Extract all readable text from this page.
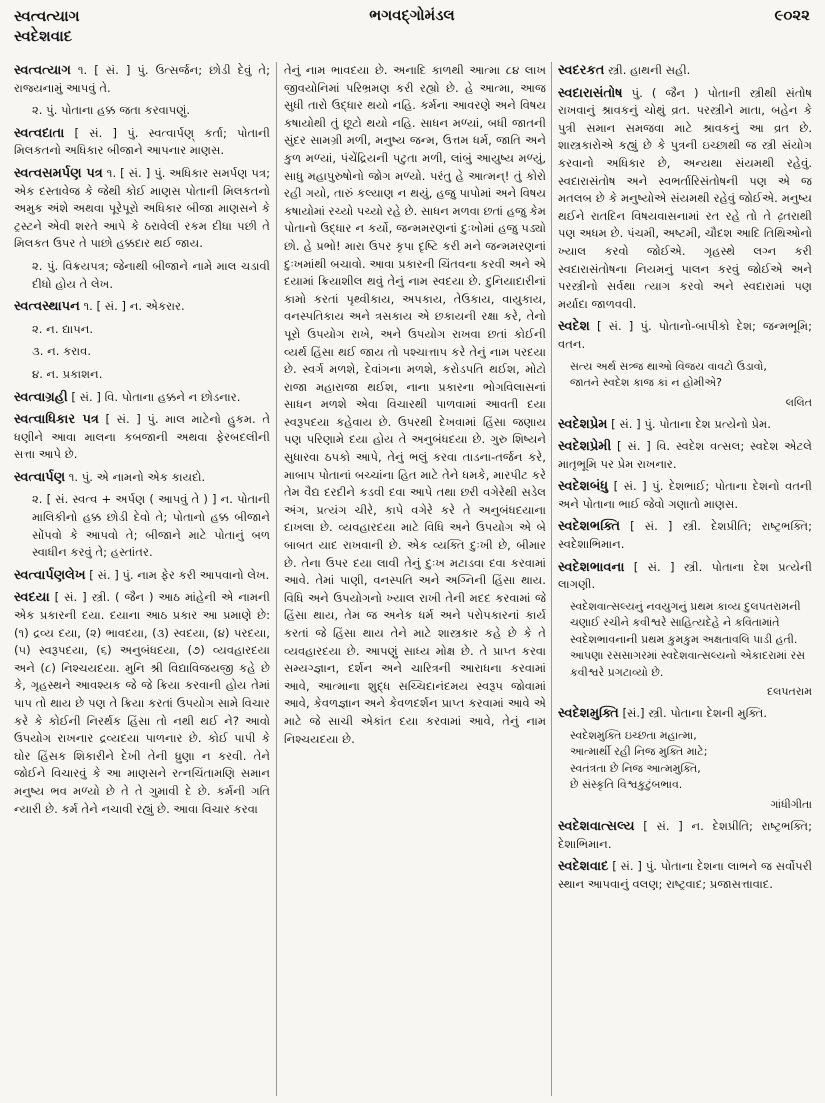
સ્વત્વત્યાગ
સ્વદેશવાદ
ભગવદ્ગોમંડલ	૯૦૨૨

સ્વત્વત્યાગ ૧. [ સં. ] પું. ઉત્સર્જન; છોડી દેવું તે; રાજ્યનામું આપવું તે.

૨. પું. પોતાના હક્ક જતા કરવાપણું.

સ્વત્વદાતા [ સં. ] પું. સ્વત્વાર્પણ્ કર્તા; પોતાની મિલકતનો અધિકાર બીજાને આપનાર માણસ.

સ્વત્વસમર્પણ પત્ર ૧. [ સં. ] પું. અધિકાર સમર્પણ પત્ર; એક દસ્તાવેજ કે જેથી કોઈ માણસ પોતાની મિલકતનો અમુક અંશે અથવા પૂરેપૂરો અધિકાર બીજા માણસને કે ટ્રસ્ટને એવી શરતે આપે કે ઠરાવેલી રકમ દીધા પછી તે મિલકત ઉપર તે પાછો હક્કદાર થઈ જાય.

૨. પું. વિક્રયપત્ર; જેનાથી બીજાને નામે માલ ચડાવી દીધો હોય તે લેખ.

સ્વત્વસ્થાપન ૧. [ સં. ] ન. એકરાર.

૨. ન. દ્યાપન.

૩. ન. કરાવ.

૪. ન. પ્રકાશન.

સ્વત્વાગ્રહી [ સં. ] વિ. પોતાના હક્કને ન છોડનાર.

સ્વત્વાધિકાર પત્ર [ સં. ] પું. માલ માટેનો હુકમ. તે ધણીને આવા માલના કબજાની અથવા ફેરબદલીની સત્તા આપે છે.

સ્વત્વાર્પણ ૧. પું. એ નામનો એક કાયદો.

૨. [ સં. સ્વત્વ + અર્પણ ( આપવું તે ) ] ન. પોતાની માલિકીનો હક્ક છોડી દેવો તે; પોતાનો હક્ક બીજાને સોંપવો કે આપવો તે; બીજાને માટે પોતાનું બળ સ્વાધીન કરવું તે; હસ્તાંતર.

સ્વત્વાર્પણલેખ [ સં. ] પું. નામ ફેર કરી આપવાનો લેખ.

સ્વદયા [ સં. ] સ્ત્રી. ( જૈન ) આઠ માંહેની એ નામની એક પ્રકારની દયા. દયાના આઠ પ્રકાર આ પ્રમાણે છે: (૧) દ્રવ્ય દયા, (૨) ભાવદયા, (૩) સ્વદયા, (૪) પરદયા, (૫) સ્વરૂપદયા, (૬) અનુબંધદયા, (૭) વ્યવહારદયા અને (૮) નિશ્ચયદયા. મુનિ શ્રી વિદ્યાવિજયજી કહે છે કે, ગૃહસ્થને આવશ્યક જે જે ક્રિયા કરવાની હોય તેમાં પાપ તો થાય છે પણ તે ક્રિયા કરતાં ઉપયોગ સામે વિચાર કરે કે કોઈની નિરર્થક હિંસા તો નથી થઈ ને? આવો ઉપયોગ રાખનાર દ્રવ્યદયા પાળનાર છે. કોઈ પાપી કે ઘોર હિંસક શિકારીને દેખી તેની ધ્રુણા ન કરવી. તેને જોઈને વિચારવું કે આ માણસને રત્નચિંતામણિ સમાન મનુષ્ય ભવ મળ્યો છે તે તે ગુમાવી દે છે. કર્મની ગતિ ન્યારી છે. કર્મ તેને નચાવી રહ્યું છે. આવા વિચાર કરવા

તેનું નામ ભાવદયા છે. અનાદિ કાળથી આત્મા ૮૪ લાખ જીવયોનિમાં પરિભ્રમણ કરી રહ્યો છે. હે આત્મા, આજ સુધી તારો ઉદ્ધાર થયો નહિ. કર્મના આવરણે અને વિષય કષાયોથી તું છૂટો થયો નહિ. સાધન મળ્યાં, બધી જાતની સુંદર સામગ્રી મળી, મનુષ્ય જન્મ, ઉત્તમ ધર્મ, જાતિ અને કુળ મળ્યાં, પંચેંદ્રિયની પટુતા મળી, લાંબું આયુષ્ય મળ્યું, સાધુ મહાપુરુષોનો જોગ મળ્યો. પરંતુ હે આત્મન્! તું કોરો રહી ગયો, તારું કલ્યાણ ન થયું, હજુ પાપોમાં અને વિષય કષાયોમાં રચ્યો પચ્યો રહે છે. સાધન મળવા છતાં હજુ કેમ પોતાનો ઉદ્ધાર ન કર્યો, જન્મમરણનાં દુઃખોમાં હજુ પડ્યો છો. હે પ્રભો! મારા ઉપર કૃપા દૃષ્ટિ કરી મને જન્મમરણનાં દુઃખમાંથી બચાવો. આવા પ્રકારની ચિંતવના કરવી અને એ દયામાં ક્રિયાશીલ થવું તેનું નામ સ્વદયા છે. દુનિયાદારીનાં કામો કરતાં પૃથ્વીકાય, અપકાય, તેઉકાય, વાયુકાય, વનસ્પતિકાય અને ત્રસકાય એ છકાયની રક્ષા કરે, તેનો પૂરો ઉપયોગ રાખે, અને ઉપયોગ રાખવા છતાં કોઈની વ્યર્થ હિંસા થઈ જાય તો પશ્ચાત્તાપ કરે તેનું નામ પરદયા છે. સ્વર્ગ મળશે, દેવાંગના મળશે, કરોડપતિ થઈશ, મોટો રાજા મહારાજા થઈશ, નાના પ્રકારના ભોગવિલાસનાં સાધન મળશે એવા વિચારથી પાળવામાં આવતી દયા સ્વરૂપદયા કહેવાય છે. ઉપરથી દેખવામાં હિંસા જણાય પણ પરિણામે દયા હોય તે અનુબંધદયા છે. ગુરુ શિષ્યને સુધારવા ઠપકો આપે, તેનું ભલું કરવા તાડના-તર્જન કરે, માબાપ પોતાનાં બચ્ચાંના હિત માટે તેને ધમકે, મારપીટ કરે તેમ વૈદ્ય દરદીને કડવી દવા આપે તથા છરી વગેરેથી સડેલ અંગ, પ્રત્યંગ ચીરે, કાપે વગેરે કરે તે અનુબંધદયાના દાખલા છે. વ્યવહારદયા માટે વિધિ અને ઉપયોગ એ બે બાબત યાદ રાખવાની છે. એક વ્યક્તિ દુઃખી છે, બીમાર છે. તેના ઉપર દયા લાવી તેનું દુઃખ મટાડવા દવા કરવામાં આવે. તેમાં પાણી, વનસ્પતિ અને અગ્નિની હિંસા થાય. વિધિ અને ઉપયોગનો ખ્યાલ રાખી તેની મદદ કરવામાં જે હિંસા થાય, તેમ જ અનેક ધર્મ અને પરોપકારનાં કાર્ય કરતાં જે હિંસા થાય તેને માટે શાસ્ત્રકાર કહે છે કે તે વ્યવહારદયા છે. આપણું સાધ્ય મોક્ષ છે. તે પ્રાપ્ત કરવા સમ્યગ્જ્ઞાન, દર્શન અને ચારિત્રની આરાધના કરવામાં આવે, આત્માના શુદ્ધ સચ્ચિદાનંદમય સ્વરૂપ જોવામાં આવે, કેવળજ્ઞાન અને કેવળદર્શન પ્રાપ્ત કરવામાં આવે એ માટે જે સાચી એકાંત દયા કરવામાં આવે, તેનું નામ નિશ્ચયદયા છે.

સ્વદરકત સ્ત્રી. હાથની સહી.

સ્વદારાસંતોષ પું. ( જૈન ) પોતાની સ્ત્રીથી સંતોષ રાખવાનું શ્રાવકનું ચોથું વ્રત. પરસ્ત્રીને માતા, બહેન કે પુત્રી સમાન સમજવા માટે શ્રાવકનું આ વ્રત છે. શાસ્ત્રકારોએ કહ્યું છે કે પુત્રની ઇચ્છાથી જ સ્ત્રી સંયોગ કરવાનો અધિકાર છે, અન્યથા સંયમથી રહેવું. સ્વદારાસંતોષ અને સ્વભર્તારિસંતોષની પણ એ જ મતલબ છે કે મનુષ્યોએ સંયમથી રહેવું જોઈએ. મનુષ્ય થઈને રાતદિન વિષયવાસનામાં રત રહે તો તે ઢ઼તરાથી પણ અધમ છે. પંચમી, અષ્ટમી, ચૌદશ આદિ તિથિઓનો ખ્યાલ કરવો જોઈએ. ગૃહસ્થે લગ્ન કરી સ્વદારાસંતોષના નિયમનું પાલન કરવું જોઈએ અને પરસ્ત્રીનો સર્વથા ત્યાગ કરવો અને સ્વદારામાં પણ મર્યાદા જાળવવી.

સ્વદેશ [ સં. ] પું. પોતાનો-બાપીકો દેશ; જન્મભૂમિ; વતન.

સત્ય અર્થ સત્ર્જ થાઓ વિજય વાવટો ઉડાવો,
જાતને સ્વદેશ કાજ કાં ન હોમીએ?
લલિત

સ્વદેશપ્રેમ [ સં. ] પું. પોતાના દેશ પ્રત્યેનો પ્રેમ.

સ્વદેશપ્રેમી [ સં. ] વિ. સ્વદેશ વત્સલ; સ્વદેશ એટલે માતૃભૂમિ પર પ્રેમ રાખનાર.

સ્વદેશબંધુ [ સં. ] પું. દેશભાઈ; પોતાના દેશનો વતની અને પોતાના ભાઈ જેવો ગણાતો માણસ.

સ્વદેશભક્તિ [ સં. ] સ્ત્રી. દેશપ્રીતિ; રાષ્ટ્રભક્તિ; સ્વદેશાભિમાન.

સ્વદેશભાવના [ સં. ] સ્ત્રી. પોતાના દેશ પ્રત્યેની લાગણી.

સ્વદેશવાત્સલ્યનું નવયુગનું પ્રથમ કાવ્ય દુલપતરામની ચણાઈ રચીને કવીશ્વરે સાહિત્યદેહે ને કવિતામાંતે સ્વદેશભાવનાની પ્રથમ કુમકુમ અક્ષતાવલિ પાડી હતી. આપણા રસસાગરમાં સ્વદેશવાત્સલ્યનો એકાદરામાં રસ કવીશ્વરે પ્રગટાવ્યો છે.
દલપતરામ

સ્વદેશમુક્તિ [સં.] સ્ત્રી. પોતાના દેશની મુક્તિ.

સ્વદેશમુક્તિ ઇચ્છતા મહાત્મા,
આત્માર્થી રહી નિજ મુક્તિ માટે;
સ્વતંત્રતા છે નિજ આત્મમુક્તિ,
છે સંસ્કૃતિ વિશ્વકુટુંબભાવ.
ગાંધીગીતા

સ્વદેશવાત્સલ્ય [ સં. ] ન. દેશપ્રીતિ; રાષ્ટ્રભક્તિ; દેશાભિમાન.

સ્વદેશવાદ [ સં. ] પું. પોતાના દેશના લાભને જ સર્વોપરી સ્થાન આપવાનું વલણ; રાષ્ટ્રવાદ; પ્રજાસત્તાવાદ.
